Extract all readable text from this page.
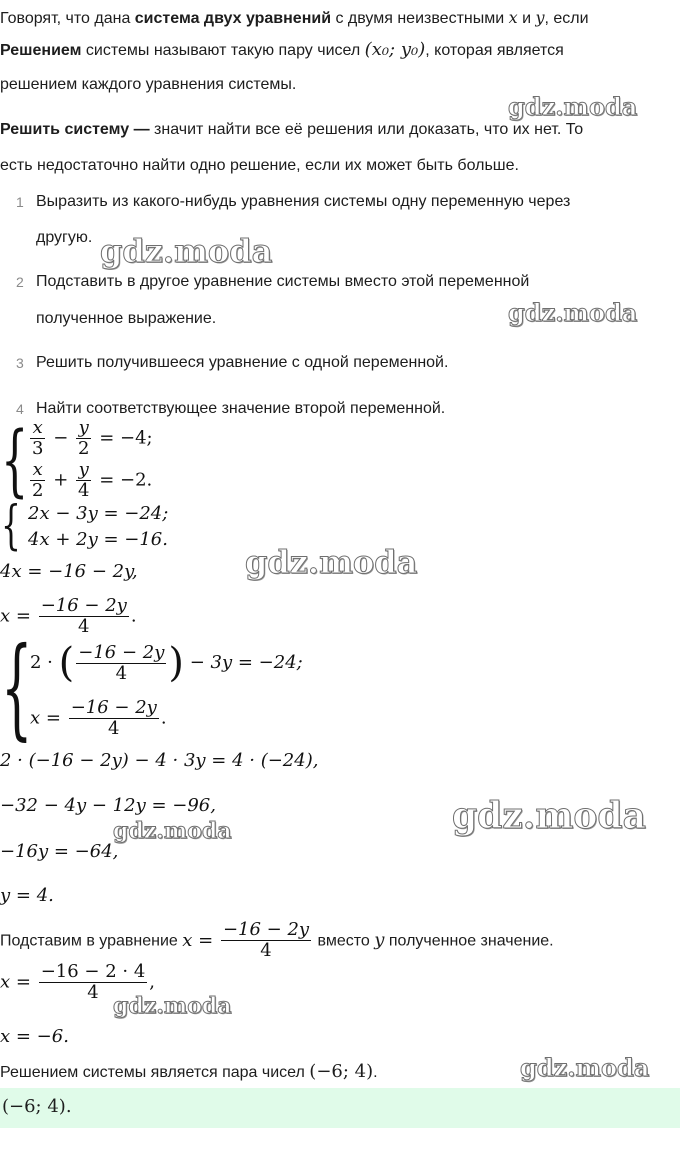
Говорят, что дана система двух уравнений с двумя неизвестными x и y, если
Решением системы называют такую пару чисел (x₀; y₀), которая является
решением каждого уравнения системы.
Решить систему — значит найти все её решения или доказать, что их нет. То
есть недостаточно найти одно решение, если их может быть больше.
1 Выразить из какого-нибудь уравнения системы одну переменную через
другую.
2 Подставить в другое уравнение системы вместо этой переменной
полученное выражение.
3 Решить получившееся уравнение с одной переменной.
4 Найти соответствующее значение второй переменной.
{ $\frac{x}{3} - \frac{y}{2} = -4$;
$\frac{x}{2} + \frac{y}{4} = -2$.
{ 2x − 3y = −24;
4x + 2y = −16.
4x = −16 − 2y,
$x = \frac{-16 - 2y}{4}$ .
{
2 · ( $\frac{-16 - 2y}{4}$ ) − 3y = −24;
$x = \frac{-16 - 2y}{4}$ .
2 · (−16 − 2y) − 4 · 3y = 4 · (−24),
−32 − 4y − 12y = −96,
−16y = −64,
y = 4.
Подставим в уравнение $x = \frac{-16 - 2y}{4}$ вместо y полученное значение.
$x = \frac{-16 - 2 \cdot 4}{4}$ ,
x = −6.
Решением системы является пара чисел (−6; 4).
(−6; 4).
gdz.moda
gdz.moda
gdz.moda
gdz.moda
gdz.moda
gdz.moda
gdz.moda
gdz.moda
